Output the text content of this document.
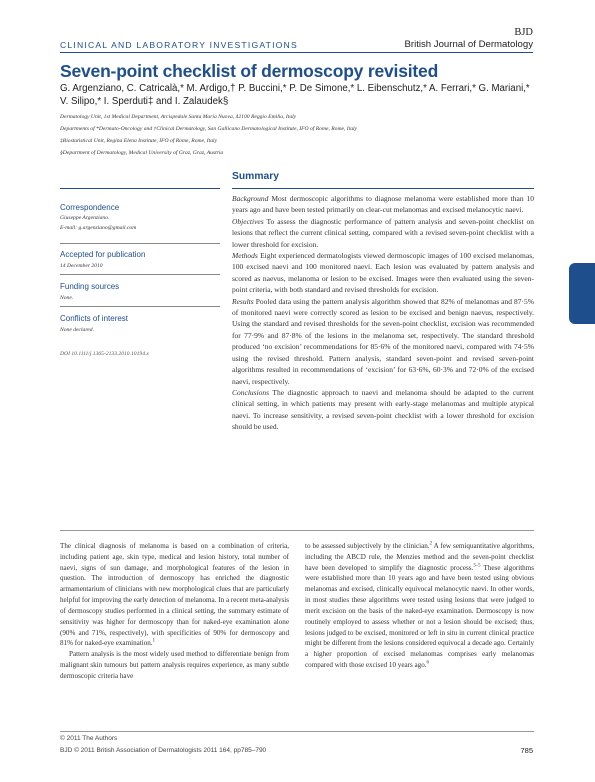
CLINICAL AND LABORATORY INVESTIGATIONS
BJD
British Journal of Dermatology
Seven-point checklist of dermoscopy revisited
G. Argenziano, C. Catricalà,* M. Ardigo,† P. Buccini,* P. De Simone,* L. Eibenschutz,* A. Ferrari,* G. Mariani,*
V. Silipo,* I. Sperduti‡ and I. Zalaudek§
Dermatology Unit, 1st Medical Department, Arcispedale Santa Maria Nuova, 42100 Reggio Emilia, Italy
Departments of *Dermato-Oncology and †Clinical Dermatology, San Gallicano Dermatological Institute, IFO of Rome, Rome, Italy
‡Biostatistical Unit, Regina Elena Institute, IFO of Rome, Rome, Italy
§Department of Dermatology, Medical University of Graz, Graz, Austria
Summary
Correspondence
Giuseppe Argenziano.
E-mail: g.argenziano@gmail.com
Accepted for publication
14 December 2010
Funding sources
None.
Conflicts of interest
None declared.
DOI 10.1111/j.1365-2133.2010.10194.x

Background Most dermoscopic algorithms to diagnose melanoma were established more than 10 years ago and have been tested primarily on clear-cut melanomas and excised melanocytic naevi.

Objectives To assess the diagnostic performance of pattern analysis and seven-point checklist on lesions that reflect the current clinical setting, compared with a revised seven-point checklist with a lower threshold for excision.

Methods Eight experienced dermatologists viewed dermoscopic images of 100 excised melanomas, 100 excised naevi and 100 monitored naevi. Each lesion was evaluated by pattern analysis and scored as naevus, melanoma or lesion to be excised. Images were then evaluated using the seven-point criteria, with both standard and revised thresholds for excision.

Results Pooled data using the pattern analysis algorithm showed that 82% of melanomas and 87·5% of monitored naevi were correctly scored as lesion to be excised and benign naevus, respectively. Using the standard and revised thresholds for the seven-point checklist, excision was recommended for 77·9% and 87·8% of the lesions in the melanoma set, respectively. The standard threshold produced ‘no excision’ recommendations for 85·6% of the monitored naevi, compared with 74·5% using the revised threshold. Pattern analysis, standard seven-point and revised seven-point algorithms resulted in recommendations of ‘excision’ for 63·6%, 60·3% and 72·0% of the excised naevi, respectively.

Conclusions The diagnostic approach to naevi and melanoma should be adapted to the current clinical setting, in which patients may present with early-stage melanomas and multiple atypical naevi. To increase sensitivity, a revised seven-point checklist with a lower threshold for excision should be used.

The clinical diagnosis of melanoma is based on a combination of criteria, including patient age, skin type, medical and lesion history, total number of naevi, signs of sun damage, and morphological features of the lesion in question. The introduction of dermoscopy has enriched the diagnostic armamentarium of clinicians with new morphological clues that are particularly helpful for improving the early detection of melanoma. In a recent meta-analysis of dermoscopy studies performed in a clinical setting, the summary estimate of sensitivity was higher for dermoscopy than for naked-eye examination alone (90% and 71%, respectively), with specificities of 90% for dermoscopy and 81% for naked-eye examination.$^1$

Pattern analysis is the most widely used method to differentiate benign from malignant skin tumours but pattern analysis requires experience, as many subtle dermoscopic criteria have

to be assessed subjectively by the clinician.$^2$ A few semiquantitative algorithms, including the ABCD rule, the Menzies method and the seven-point checklist have been developed to simplify the diagnostic process.$^{3-5}$ These algorithms were established more than 10 years ago and have been tested using obvious melanomas and excised, clinically equivocal melanocytic naevi. In other words, in most studies these algorithms were tested using lesions that were judged to merit excision on the basis of the naked-eye examination. Dermoscopy is now routinely employed to assess whether or not a lesion should be excised; thus, lesions judged to be excised, monitored or left in situ in current clinical practice might be different from the lesions considered equivocal a decade ago. Certainly a higher proportion of excised melanomas comprises early melanomas compared with those excised 10 years ago.$^6$

© 2011 The Authors
BJD © 2011 British Association of Dermatologists 2011 164, pp785–790	785
